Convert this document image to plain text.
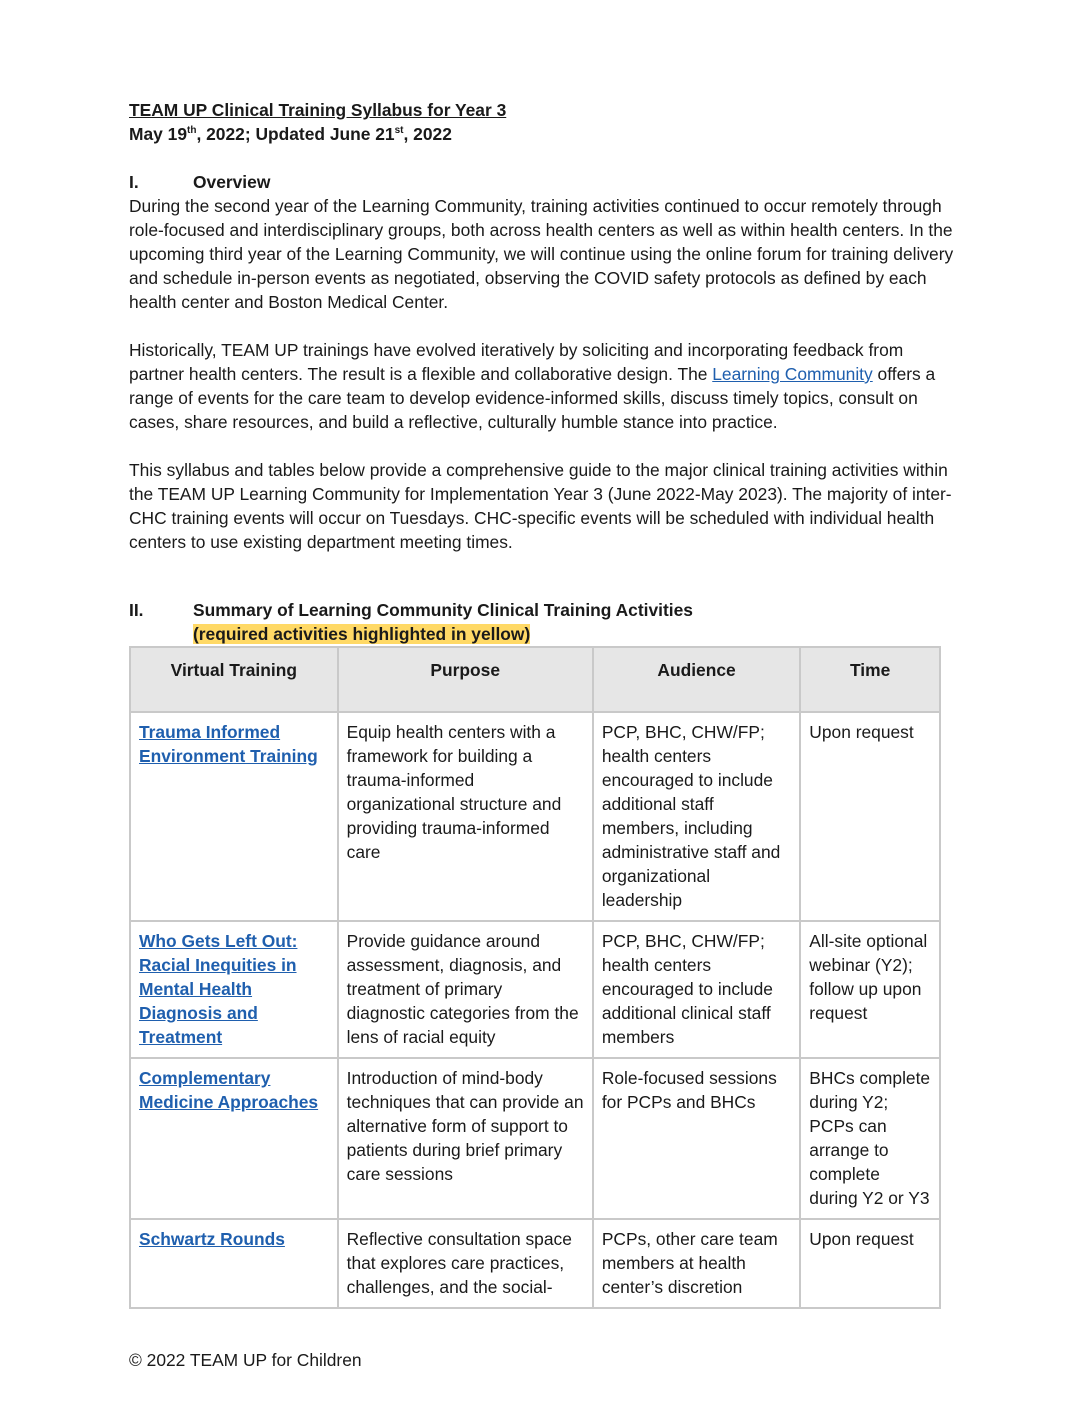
TEAM UP Clinical Training Syllabus for Year 3
May 19th, 2022; Updated June 21st, 2022
I.	Overview

During the second year of the Learning Community, training activities continued to occur remotely through role-focused and interdisciplinary groups, both across health centers as well as within health centers. In the upcoming third year of the Learning Community, we will continue using the online forum for training delivery and schedule in-person events as negotiated, observing the COVID safety protocols as defined by each health center and Boston Medical Center.

Historically, TEAM UP trainings have evolved iteratively by soliciting and incorporating feedback from partner health centers. The result is a flexible and collaborative design. The Learning Community offers a range of events for the care team to develop evidence-informed skills, discuss timely topics, consult on cases, share resources, and build a reflective, culturally humble stance into practice.

This syllabus and tables below provide a comprehensive guide to the major clinical training activities within the TEAM UP Learning Community for Implementation Year 3 (June 2022-May 2023). The majority of inter-CHC training events will occur on Tuesdays. CHC-specific events will be scheduled with individual health centers to use existing department meeting times.

II.	Summary of Learning Community Clinical Training Activities
(required activities highlighted in yellow)
Virtual Training	Purpose	Audience	Time
Trauma Informed Environment Training	Equip health centers with a framework for building a trauma-informed organizational structure and providing trauma-informed care	PCP, BHC, CHW/FP; health centers encouraged to include additional staff members, including administrative staff and organizational leadership	Upon request
Who Gets Left Out: Racial Inequities in Mental Health Diagnosis and Treatment	Provide guidance around assessment, diagnosis, and treatment of primary diagnostic categories from the lens of racial equity	PCP, BHC, CHW/FP; health centers encouraged to include additional clinical staff members	All-site optional webinar (Y2); follow up upon request
Complementary Medicine Approaches	Introduction of mind-body techniques that can provide an alternative form of support to patients during brief primary care sessions	Role-focused sessions for PCPs and BHCs	BHCs complete during Y2; PCPs can arrange to complete during Y2 or Y3
Schwartz Rounds	Reflective consultation space that explores care practices, challenges, and the social-	PCPs, other care team members at health center’s discretion	Upon request
© 2022 TEAM UP for Children
